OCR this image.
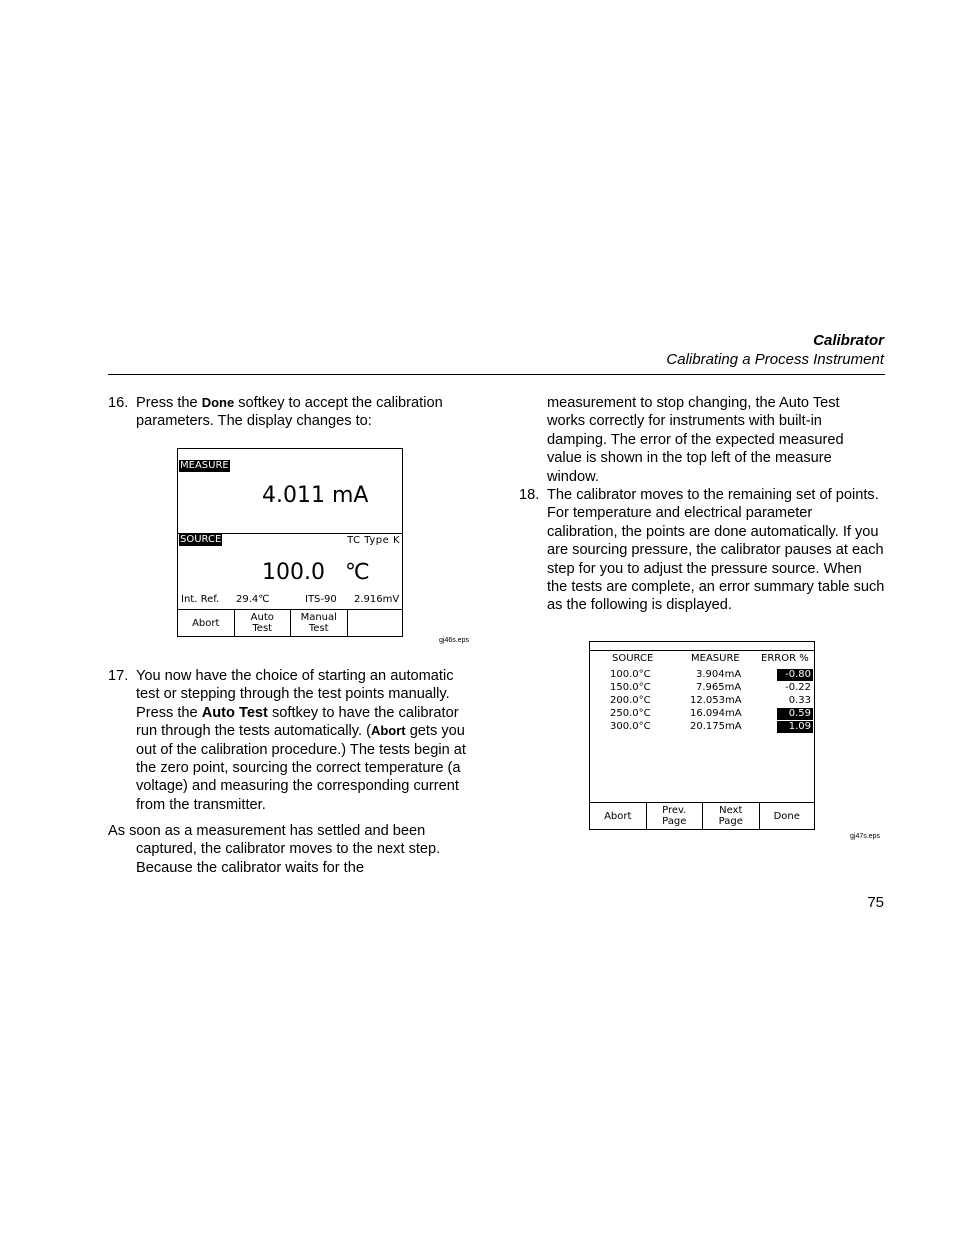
Calibrator
Calibrating a Process Instrument
16. Press the Done softkey to accept the calibration parameters. The display changes to:
MEASURE
4.011 mA
SOURCE	TC Type K
100.0 ℃
Int. Ref. 29.4℃	ITS-90 2.916mV
Abort	Auto
Test
Manual
Test
gj46s.eps
17. You now have the choice of starting an automatic test or stepping through the test points manually. Press the Auto Test softkey to have the calibrator run through the tests automatically. (Abort gets you out of the calibration procedure.) The tests begin at the zero point, sourcing the correct temperature (a voltage) and measuring the corresponding current from the transmitter.
As soon as a measurement has settled and been captured, the calibrator moves to the next step. Because the calibrator waits for the
measurement to stop changing, the Auto Test works correctly for instruments with built-in damping. The error of the expected measured value is shown in the top left of the measure window.
18. The calibrator moves to the remaining set of points. For temperature and electrical parameter calibration, the points are done automatically. If you are sourcing pressure, the calibrator pauses at each step for you to adjust the pressure source. When the tests are complete, an error summary table such as the following is displayed.
SOURCE	MEASURE ERROR %
100.0°C	3.904mA	-0.80
150.0°C	7.965mA	-0.22
200.0°C	12.053mA	0.33
250.0°C	16.094mA	0.59
300.0°C	20.175mA	1.09
Abort	Prev.
Page
Next
Page	Done
gj47s.eps
75
